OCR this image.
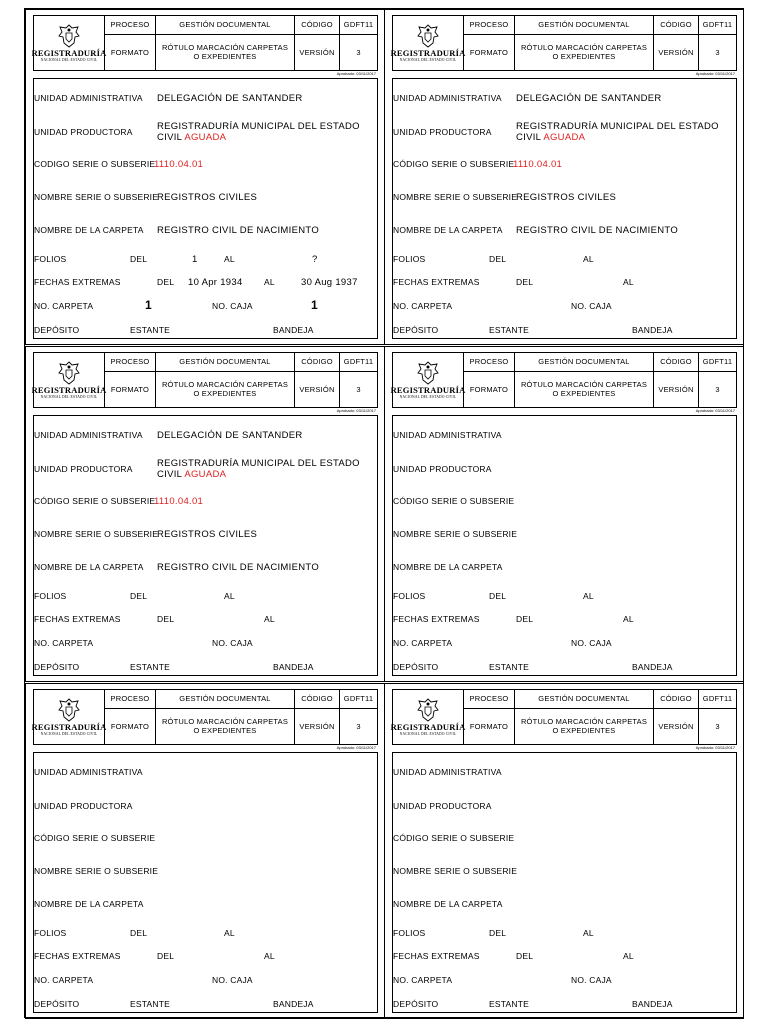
REGISTRADURÍA
NACIONAL DEL ESTADO CIVIL	PROCESO	GESTIÓN DOCUMENTAL	CÓDIGO	GDFT11
	FORMATO	RÓTULO MARCACIÓN CARPETAS O EXPEDIENTES	VERSIÓN	3
Aprobado: 03/11/2017
UNIDAD ADMINISTRATIVA DELEGACIÓN DE SANTANDER
UNIDAD PRODUCTORA	REGISTRADURÍA MUNICIPAL DEL ESTADO
CIVIL AGUADA
CODIGO SERIE O SUBSERIE
1110.04.01
NOMBRE SERIE O SUBSERIE
REGISTROS CIVILES
NOMBRE DE LA CARPETA REGISTRO CIVIL DE NACIMIENTO
FOLIOS	DEL	1	AL	?
FECHAS EXTREMAS	DEL 10 Apr 1934	AL	30 Aug 1937
NO. CARPETA	1	NO. CAJA	1
DEPÓSITO	ESTANTE	BANDEJA
REGISTRADURÍA
NACIONAL DEL ESTADO CIVIL	PROCESO	GESTIÓN DOCUMENTAL	CÓDIGO	GDFT11
	FORMATO	RÓTULO MARCACIÓN CARPETAS O EXPEDIENTES	VERSIÓN	3
Aprobado: 03/11/2017
UNIDAD ADMINISTRATIVA DELEGACIÓN DE SANTANDER
UNIDAD PRODUCTORA	REGISTRADURÍA MUNICIPAL DEL ESTADO
CIVIL AGUADA
CÓDIGO SERIE O SUBSERIE
1110.04.01
NOMBRE SERIE O SUBSERIE
REGISTROS CIVILES
NOMBRE DE LA CARPETA REGISTRO CIVIL DE NACIMIENTO
FOLIOS	DEL	AL
FECHAS EXTREMAS	DEL	AL
NO. CARPETA	NO. CAJA
DEPÓSITO	ESTANTE	BANDEJA
REGISTRADURÍA
NACIONAL DEL ESTADO CIVIL	PROCESO	GESTIÓN DOCUMENTAL	CÓDIGO	GDFT11
	FORMATO	RÓTULO MARCACIÓN CARPETAS O EXPEDIENTES	VERSIÓN	3
Aprobado: 03/11/2017
UNIDAD ADMINISTRATIVA DELEGACIÓN DE SANTANDER
UNIDAD PRODUCTORA	REGISTRADURÍA MUNICIPAL DEL ESTADO
CIVIL AGUADA
CÓDIGO SERIE O SUBSERIE
1110.04.01
NOMBRE SERIE O SUBSERIE
REGISTROS CIVILES
NOMBRE DE LA CARPETA REGISTRO CIVIL DE NACIMIENTO
FOLIOS	DEL	AL
FECHAS EXTREMAS	DEL	AL
NO. CARPETA	NO. CAJA
DEPÓSITO	ESTANTE	BANDEJA
REGISTRADURÍA
NACIONAL DEL ESTADO CIVIL	PROCESO	GESTIÓN DOCUMENTAL	CÓDIGO	GDFT11
	FORMATO	RÓTULO MARCACIÓN CARPETAS O EXPEDIENTES	VERSIÓN	3
Aprobado: 03/11/2017
UNIDAD ADMINISTRATIVA
UNIDAD PRODUCTORA
CÓDIGO SERIE O SUBSERIE
NOMBRE SERIE O SUBSERIE
NOMBRE DE LA CARPETA
FOLIOS	DEL	AL
FECHAS EXTREMAS	DEL	AL
NO. CARPETA	NO. CAJA
DEPÓSITO	ESTANTE	BANDEJA
REGISTRADURÍA
NACIONAL DEL ESTADO CIVIL	PROCESO	GESTIÓN DOCUMENTAL	CÓDIGO	GDFT11
	FORMATO	RÓTULO MARCACIÓN CARPETAS O EXPEDIENTES	VERSIÓN	3
Aprobado: 03/11/2017
UNIDAD ADMINISTRATIVA
UNIDAD PRODUCTORA
CÓDIGO SERIE O SUBSERIE
NOMBRE SERIE O SUBSERIE
NOMBRE DE LA CARPETA
FOLIOS	DEL	AL
FECHAS EXTREMAS	DEL	AL
NO. CARPETA	NO. CAJA
DEPÓSITO	ESTANTE	BANDEJA
REGISTRADURÍA
NACIONAL DEL ESTADO CIVIL	PROCESO	GESTIÓN DOCUMENTAL	CÓDIGO	GDFT11
	FORMATO	RÓTULO MARCACIÓN CARPETAS O EXPEDIENTES	VERSIÓN	3
Aprobado: 03/11/2017
UNIDAD ADMINISTRATIVA
UNIDAD PRODUCTORA
CÓDIGO SERIE O SUBSERIE
NOMBRE SERIE O SUBSERIE
NOMBRE DE LA CARPETA
FOLIOS	DEL	AL
FECHAS EXTREMAS	DEL	AL
NO. CARPETA	NO. CAJA
DEPÓSITO	ESTANTE	BANDEJA
